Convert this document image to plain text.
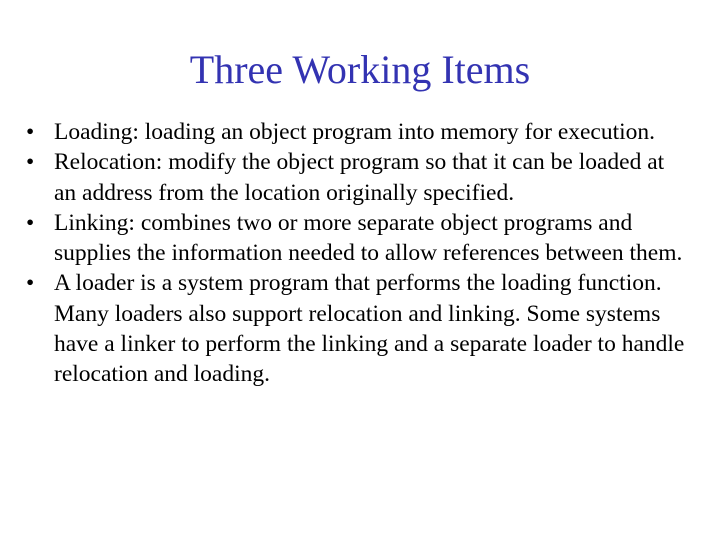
Three Working Items
• Loading: loading an object program into memory for execution.
• Relocation: modify the object program so that it can be loaded at an address from the location originally specified.
• Linking: combines two or more separate object programs and supplies the information needed to allow references between them.
• A loader is a system program that performs the loading function. Many loaders also support relocation and linking. Some systems have a linker to perform the linking and a separate loader to handle relocation and loading.
